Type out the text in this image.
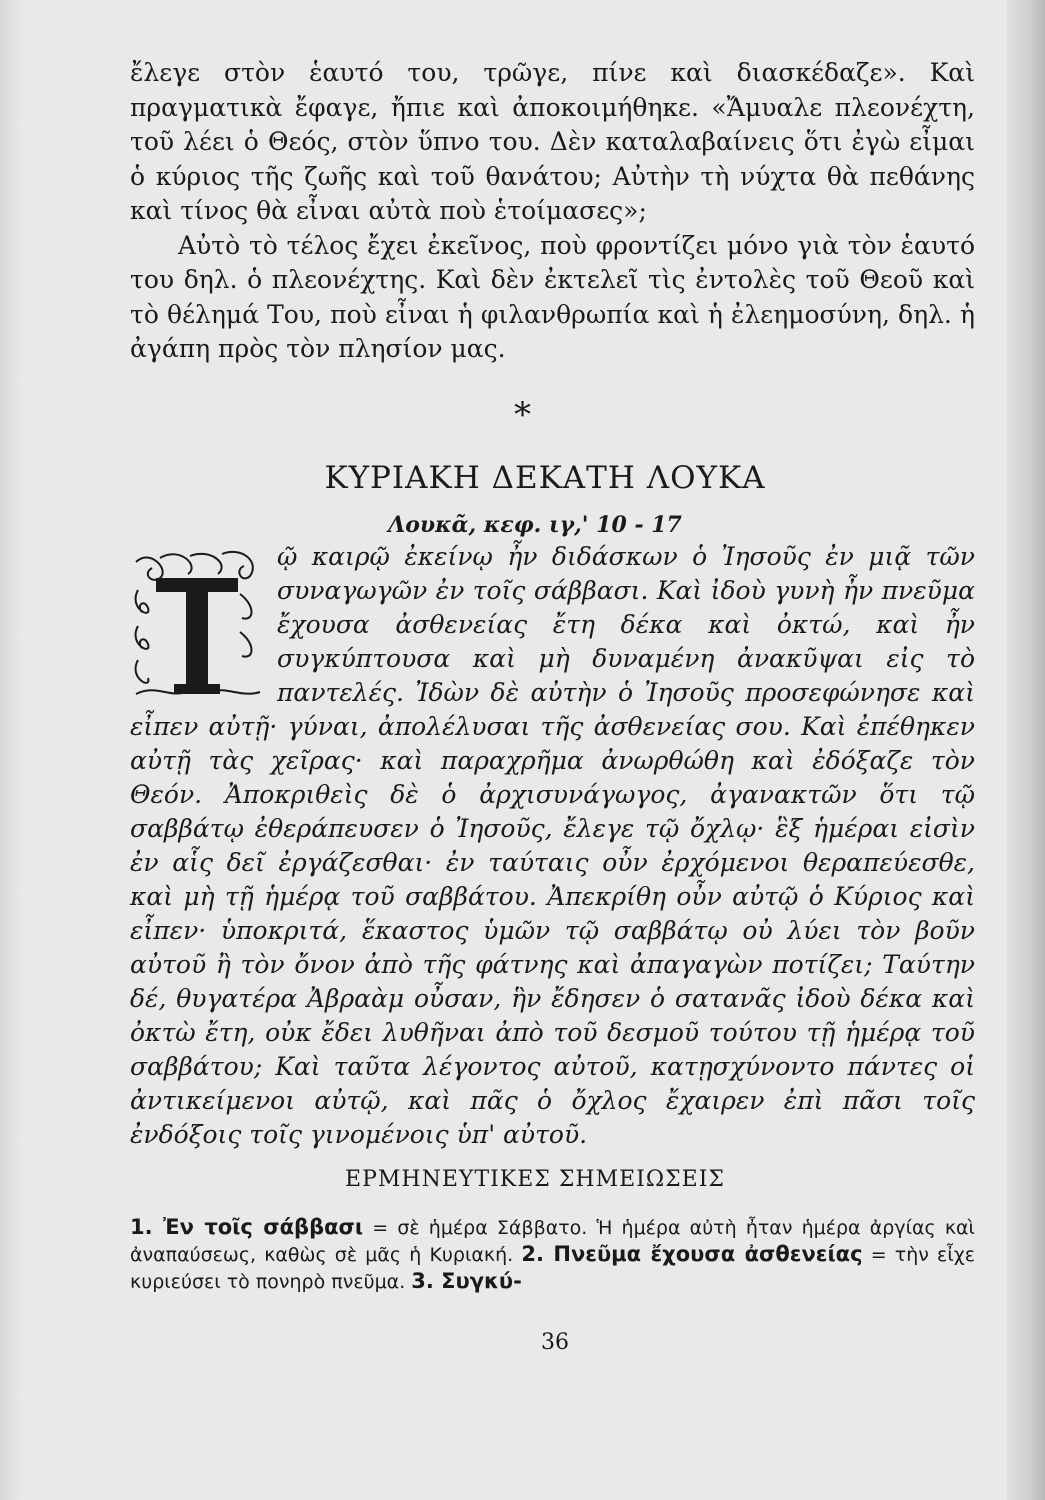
ἔλεγε στὸν ἑαυτό του, τρῶγε, πίνε καὶ διασκέδαζε». Καὶ πραγματικὰ ἔφαγε, ἤπιε καὶ ἀποκοιμήθηκε. «Ἄμυαλε πλεονέχτη, τοῦ λέει ὁ Θεός, στὸν ὕπνο του. Δὲν καταλαβαίνεις ὅτι ἐγὼ εἶμαι ὁ κύριος τῆς ζωῆς καὶ τοῦ θανάτου; Αὐτὴν τὴ νύχτα θὰ πεθάνης καὶ τίνος θὰ εἶναι αὐτὰ ποὺ ἑτοίμασες»;

Αὐτὸ τὸ τέλος ἔχει ἐκεῖνος, ποὺ φροντίζει μόνο γιὰ τὸν ἑαυτό του δηλ. ὁ πλεονέχτης. Καὶ δὲν ἐκτελεῖ τὶς ἐντολὲς τοῦ Θεοῦ καὶ τὸ θέλημά Του, ποὺ εἶναι ἡ φιλανθρωπία καὶ ἡ ἐλεημοσύνη, δηλ. ἡ ἀγάπη πρὸς τὸν πλησίον μας.

*
ΚΥΡΙΑΚΗ ΔΕΚΑΤΗ ΛΟΥΚΑ
Λουκᾶ, κεφ. ιγ,' 10 - 17
ῷ καιρῷ ἐκείνῳ ἦν διδάσκων ὁ Ἰησοῦς ἐν μιᾷ τῶν συναγωγῶν ἐν τοῖς σάββασι. Καὶ ἰδοὺ γυνὴ ἦν πνεῦμα ἔχουσα ἀσθενείας ἔτη δέκα καὶ ὀκτώ, καὶ ἦν συγκύπτουσα καὶ μὴ δυναμένη ἀνακῦψαι εἰς τὸ παντελές. Ἰδὼν δὲ αὐτὴν ὁ Ἰησοῦς προσεφώνησε καὶ εἶπεν αὐτῇ· γύναι, ἀπολέλυσαι τῆς ἀσθενείας σου. Καὶ ἐπέθηκεν αὐτῇ τὰς χεῖρας· καὶ παραχρῆμα ἀνωρθώθη καὶ ἐδόξαζε τὸν Θεόν. Ἀποκριθεὶς δὲ ὁ ἀρχισυνάγωγος, ἀγανακτῶν ὅτι τῷ σαββάτῳ ἐθεράπευσεν ὁ Ἰησοῦς, ἔλεγε τῷ ὄχλῳ· ἓξ ἡμέραι εἰσὶν ἐν αἷς δεῖ ἐργάζεσθαι· ἐν ταύταις οὖν ἐρχόμενοι θεραπεύεσθε, καὶ μὴ τῇ ἡμέρᾳ τοῦ σαββάτου. Ἀπεκρίθη οὖν αὐτῷ ὁ Κύριος καὶ εἶπεν· ὑποκριτά, ἕκαστος ὑμῶν τῷ σαββάτῳ οὐ λύει τὸν βοῦν αὐτοῦ ἢ τὸν ὄνον ἀπὸ τῆς φάτνης καὶ ἀπαγαγὼν ποτίζει; Ταύτην δέ, θυγατέρα Ἀβραὰμ οὖσαν, ἣν ἔδησεν ὁ σατανᾶς ἰδοὺ δέκα καὶ ὀκτὼ ἔτη, οὐκ ἔδει λυθῆναι ἀπὸ τοῦ δεσμοῦ τούτου τῇ ἡμέρᾳ τοῦ σαββάτου; Καὶ ταῦτα λέγοντος αὐτοῦ, κατῃσχύνοντο πάντες οἱ ἀντικείμενοι αὐτῷ, καὶ πᾶς ὁ ὄχλος ἔχαιρεν ἐπὶ πᾶσι τοῖς ἐνδόξοις τοῖς γινομένοις ὑπ' αὐτοῦ.
ΕΡΜΗΝΕΥΤΙΚΕΣ ΣΗΜΕΙΩΣΕΙΣ
1. Ἐν τοῖς σάββασι = σὲ ἡμέρα Σάββατο. Ἡ ἡμέρα αὐτὴ ἦταν ἡμέρα ἀργίας καὶ ἀναπαύσεως, καθὼς σὲ μᾶς ἡ Κυριακή. 2. Πνεῦμα ἔχουσα ἀσθενείας = τὴν εἶχε κυριεύσει τὸ πονηρὸ πνεῦμα. 3. Συγκύ-
36
